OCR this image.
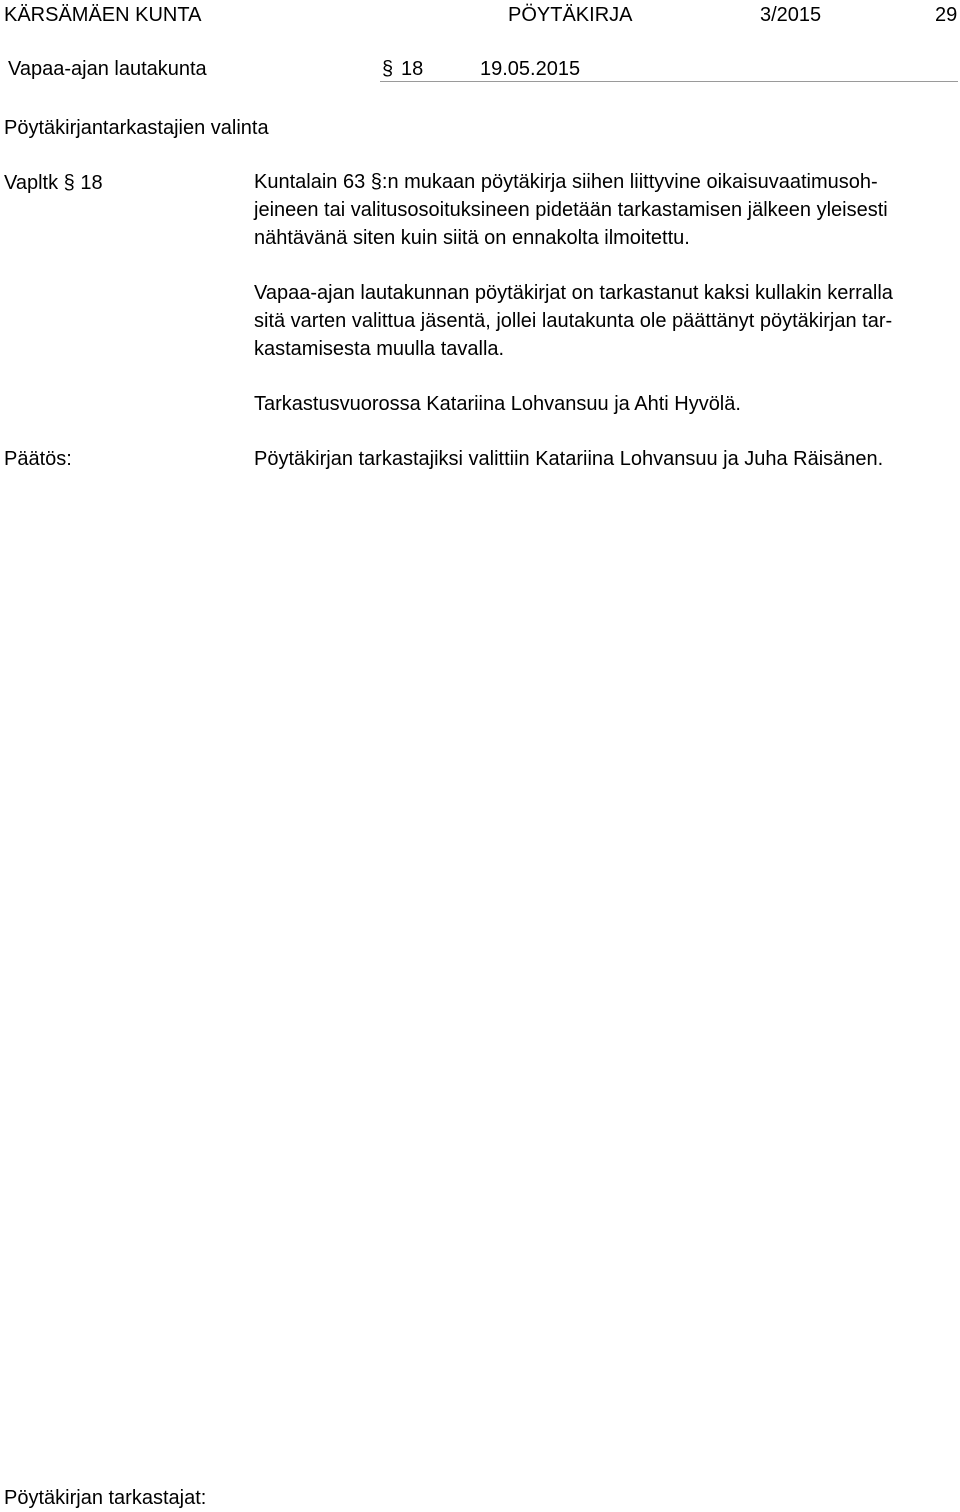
KÄRSÄMÄEN KUNTA	PÖYTÄKIRJA	3/2015	29
Vapaa-ajan lautakunta	§ 18	19.05.2015
Pöytäkirjantarkastajien valinta
Vapltk § 18	Kuntalain 63 §:n mukaan pöytäkirja siihen liittyvine oikaisuvaatimusoh-
jeineen tai valitusosoituksineen pidetään tarkastamisen jälkeen yleisesti
nähtävänä siten kuin siitä on ennakolta ilmoitettu.
Vapaa-ajan lautakunnan pöytäkirjat on tarkastanut kaksi kullakin kerralla
sitä varten valittua jäsentä, jollei lautakunta ole päättänyt pöytäkirjan tar-
kastamisesta muulla tavalla.
Tarkastusvuorossa Katariina Lohvansuu ja Ahti Hyvölä.
Päätös:	Pöytäkirjan tarkastajiksi valittiin Katariina Lohvansuu ja Juha Räisänen.
Pöytäkirjan tarkastajat:
